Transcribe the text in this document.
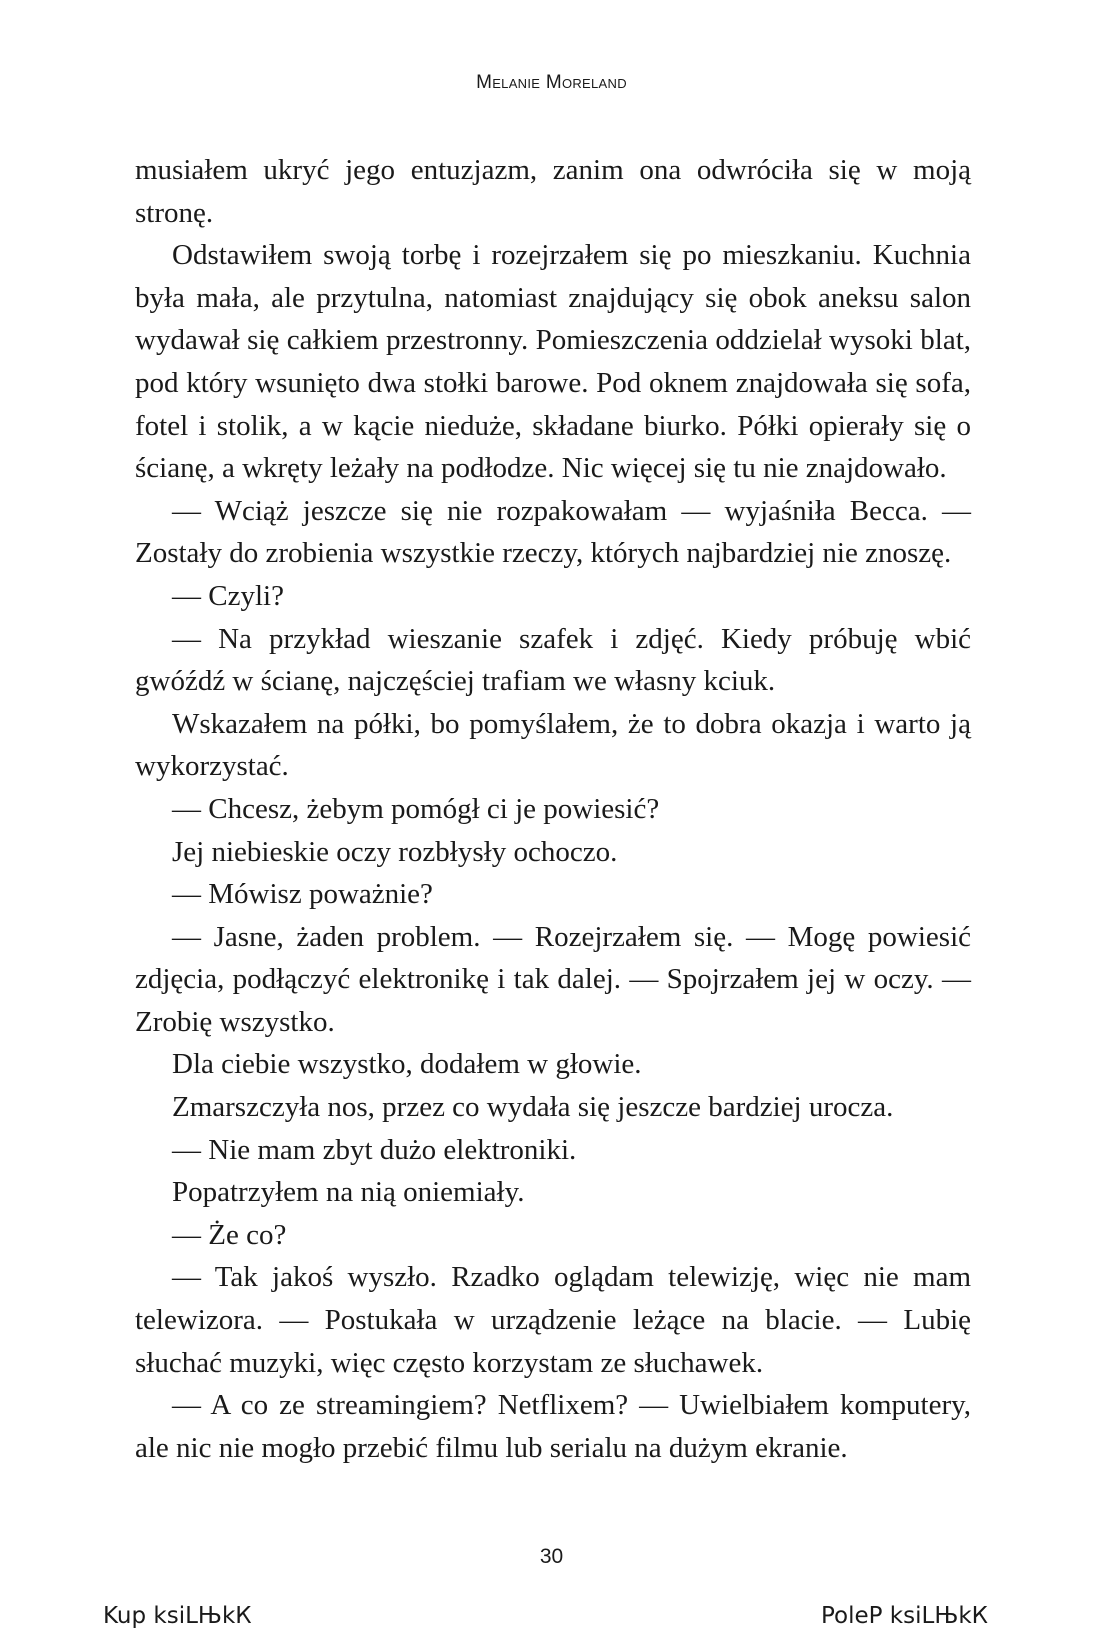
Melanie Moreland

musiałem ukryć jego entuzjazm, zanim ona odwróciła się w moją stronę.

Odstawiłem swoją torbę i rozejrzałem się po mieszkaniu. Kuchnia była mała, ale przytulna, natomiast znajdujący się obok aneksu salon wydawał się całkiem przestronny. Pomieszczenia oddzielał wysoki blat, pod który wsunięto dwa stołki barowe. Pod oknem znajdowała się sofa, fotel i stolik, a w kącie nieduże, składane biurko. Półki opierały się o ścianę, a wkręty leżały na podłodze. Nic więcej się tu nie znajdowało.

— Wciąż jeszcze się nie rozpakowałam — wyjaśniła Becca. — Zostały do zrobienia wszystkie rzeczy, których najbardziej nie znoszę.

— Czyli?

— Na przykład wieszanie szafek i zdjęć. Kiedy próbuję wbić gwóźdź w ścianę, najczęściej trafiam we własny kciuk.

Wskazałem na półki, bo pomyślałem, że to dobra okazja i warto ją wykorzystać.

— Chcesz, żebym pomógł ci je powiesić?

Jej niebieskie oczy rozbłysły ochoczo.

— Mówisz poważnie?

— Jasne, żaden problem. — Rozejrzałem się. — Mogę powiesić zdjęcia, podłączyć elektronikę i tak dalej. — Spojrzałem jej w oczy. — Zrobię wszystko.

Dla ciebie wszystko, dodałem w głowie.

Zmarszczyła nos, przez co wydała się jeszcze bardziej urocza.

— Nie mam zbyt dużo elektroniki.

Popatrzyłem na nią oniemiały.

— Że co?

— Tak jakoś wyszło. Rzadko oglądam telewizję, więc nie mam telewizora. — Postukała w urządzenie leżące na blacie. — Lubię słuchać muzyki, więc często korzystam ze słuchawek.

— A co ze streamingiem? Netflixem? — Uwielbiałem komputery, ale nic nie mogło przebić filmu lub serialu na dużym ekranie.

30
Kup ksiLЊkК	PoleР ksiLЊkК
